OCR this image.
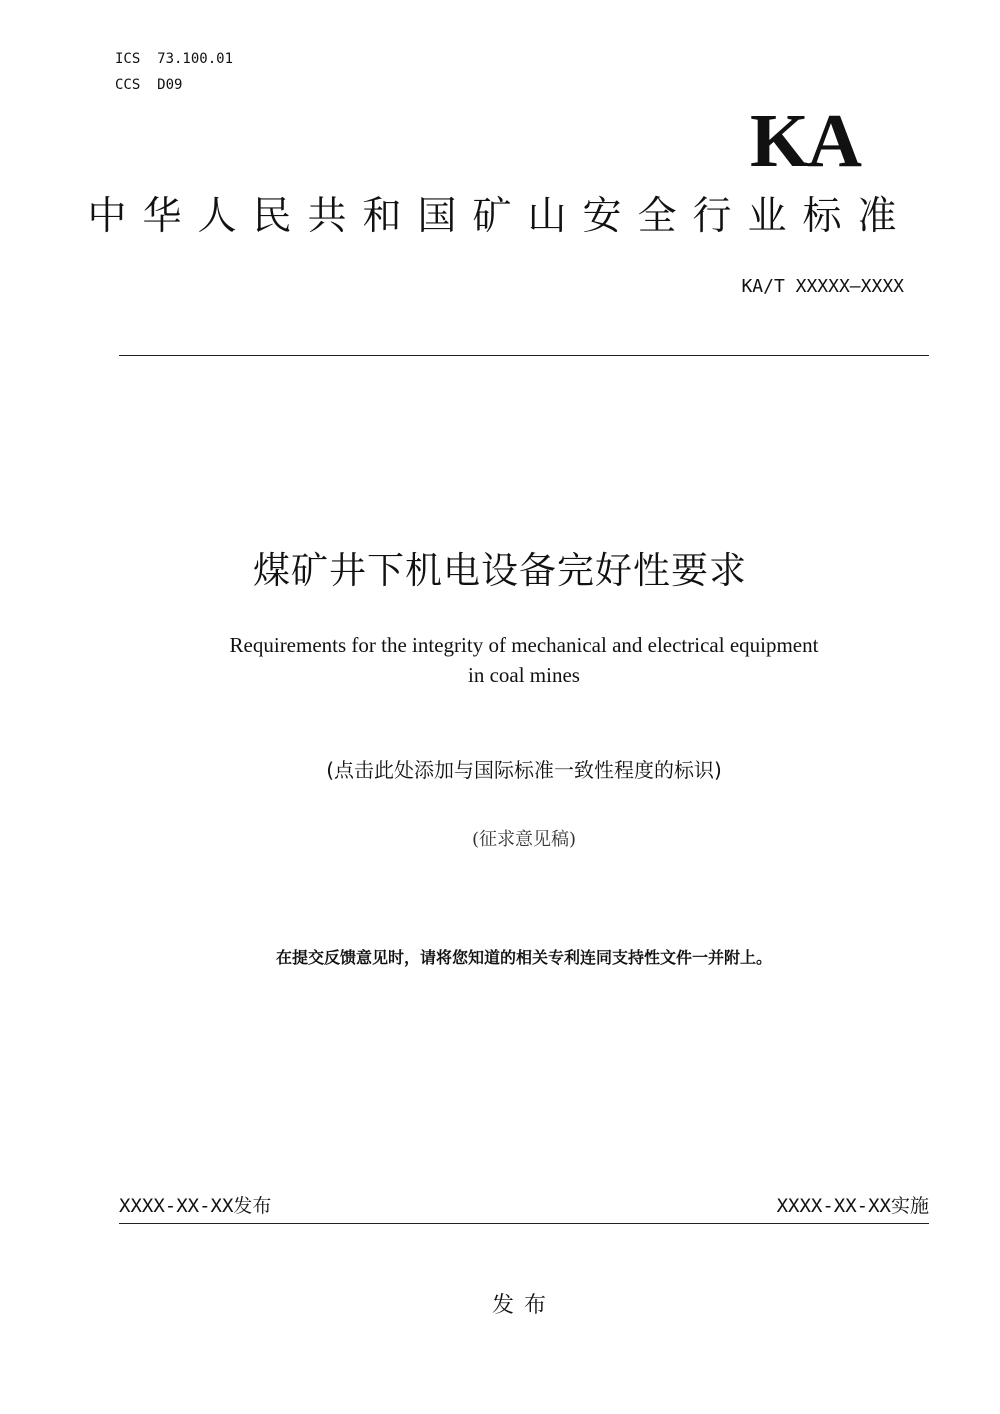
ICS  73.100.01
CCS  D09
KA
中华人民共和国矿山安全行业标准
KA/T XXXXX—XXXX
煤矿井下机电设备完好性要求
Requirements for the integrity of mechanical and electrical equipment
in coal mines
(点击此处添加与国际标准一致性程度的标识)
(征求意见稿)
在提交反馈意见时，请将您知道的相关专利连同支持性文件一并附上。
XXXX-XX-XX发布	XXXX-XX-XX实施
发布
